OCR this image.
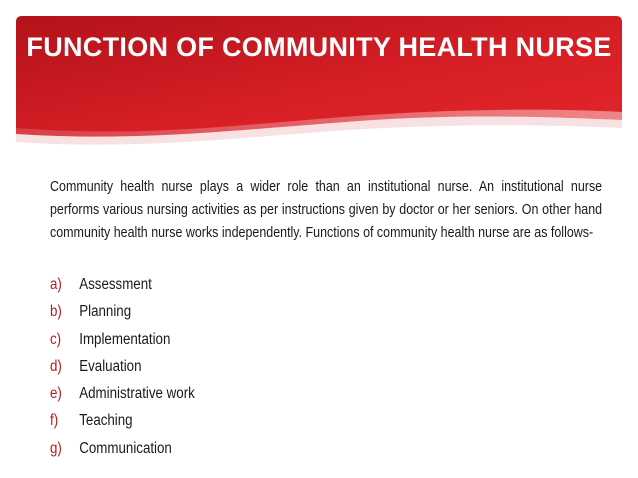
FUNCTION OF COMMUNITY HEALTH NURSE

Community health nurse plays a wider role than an institutional nurse. An institutional nurse performs various nursing activities as per instructions given by doctor or her seniors. On other hand community health nurse works independently. Functions of community health nurse are as follows-

a) Assessment
b) Planning
c) Implementation
d) Evaluation
e) Administrative work
f) Teaching
g) Communication
